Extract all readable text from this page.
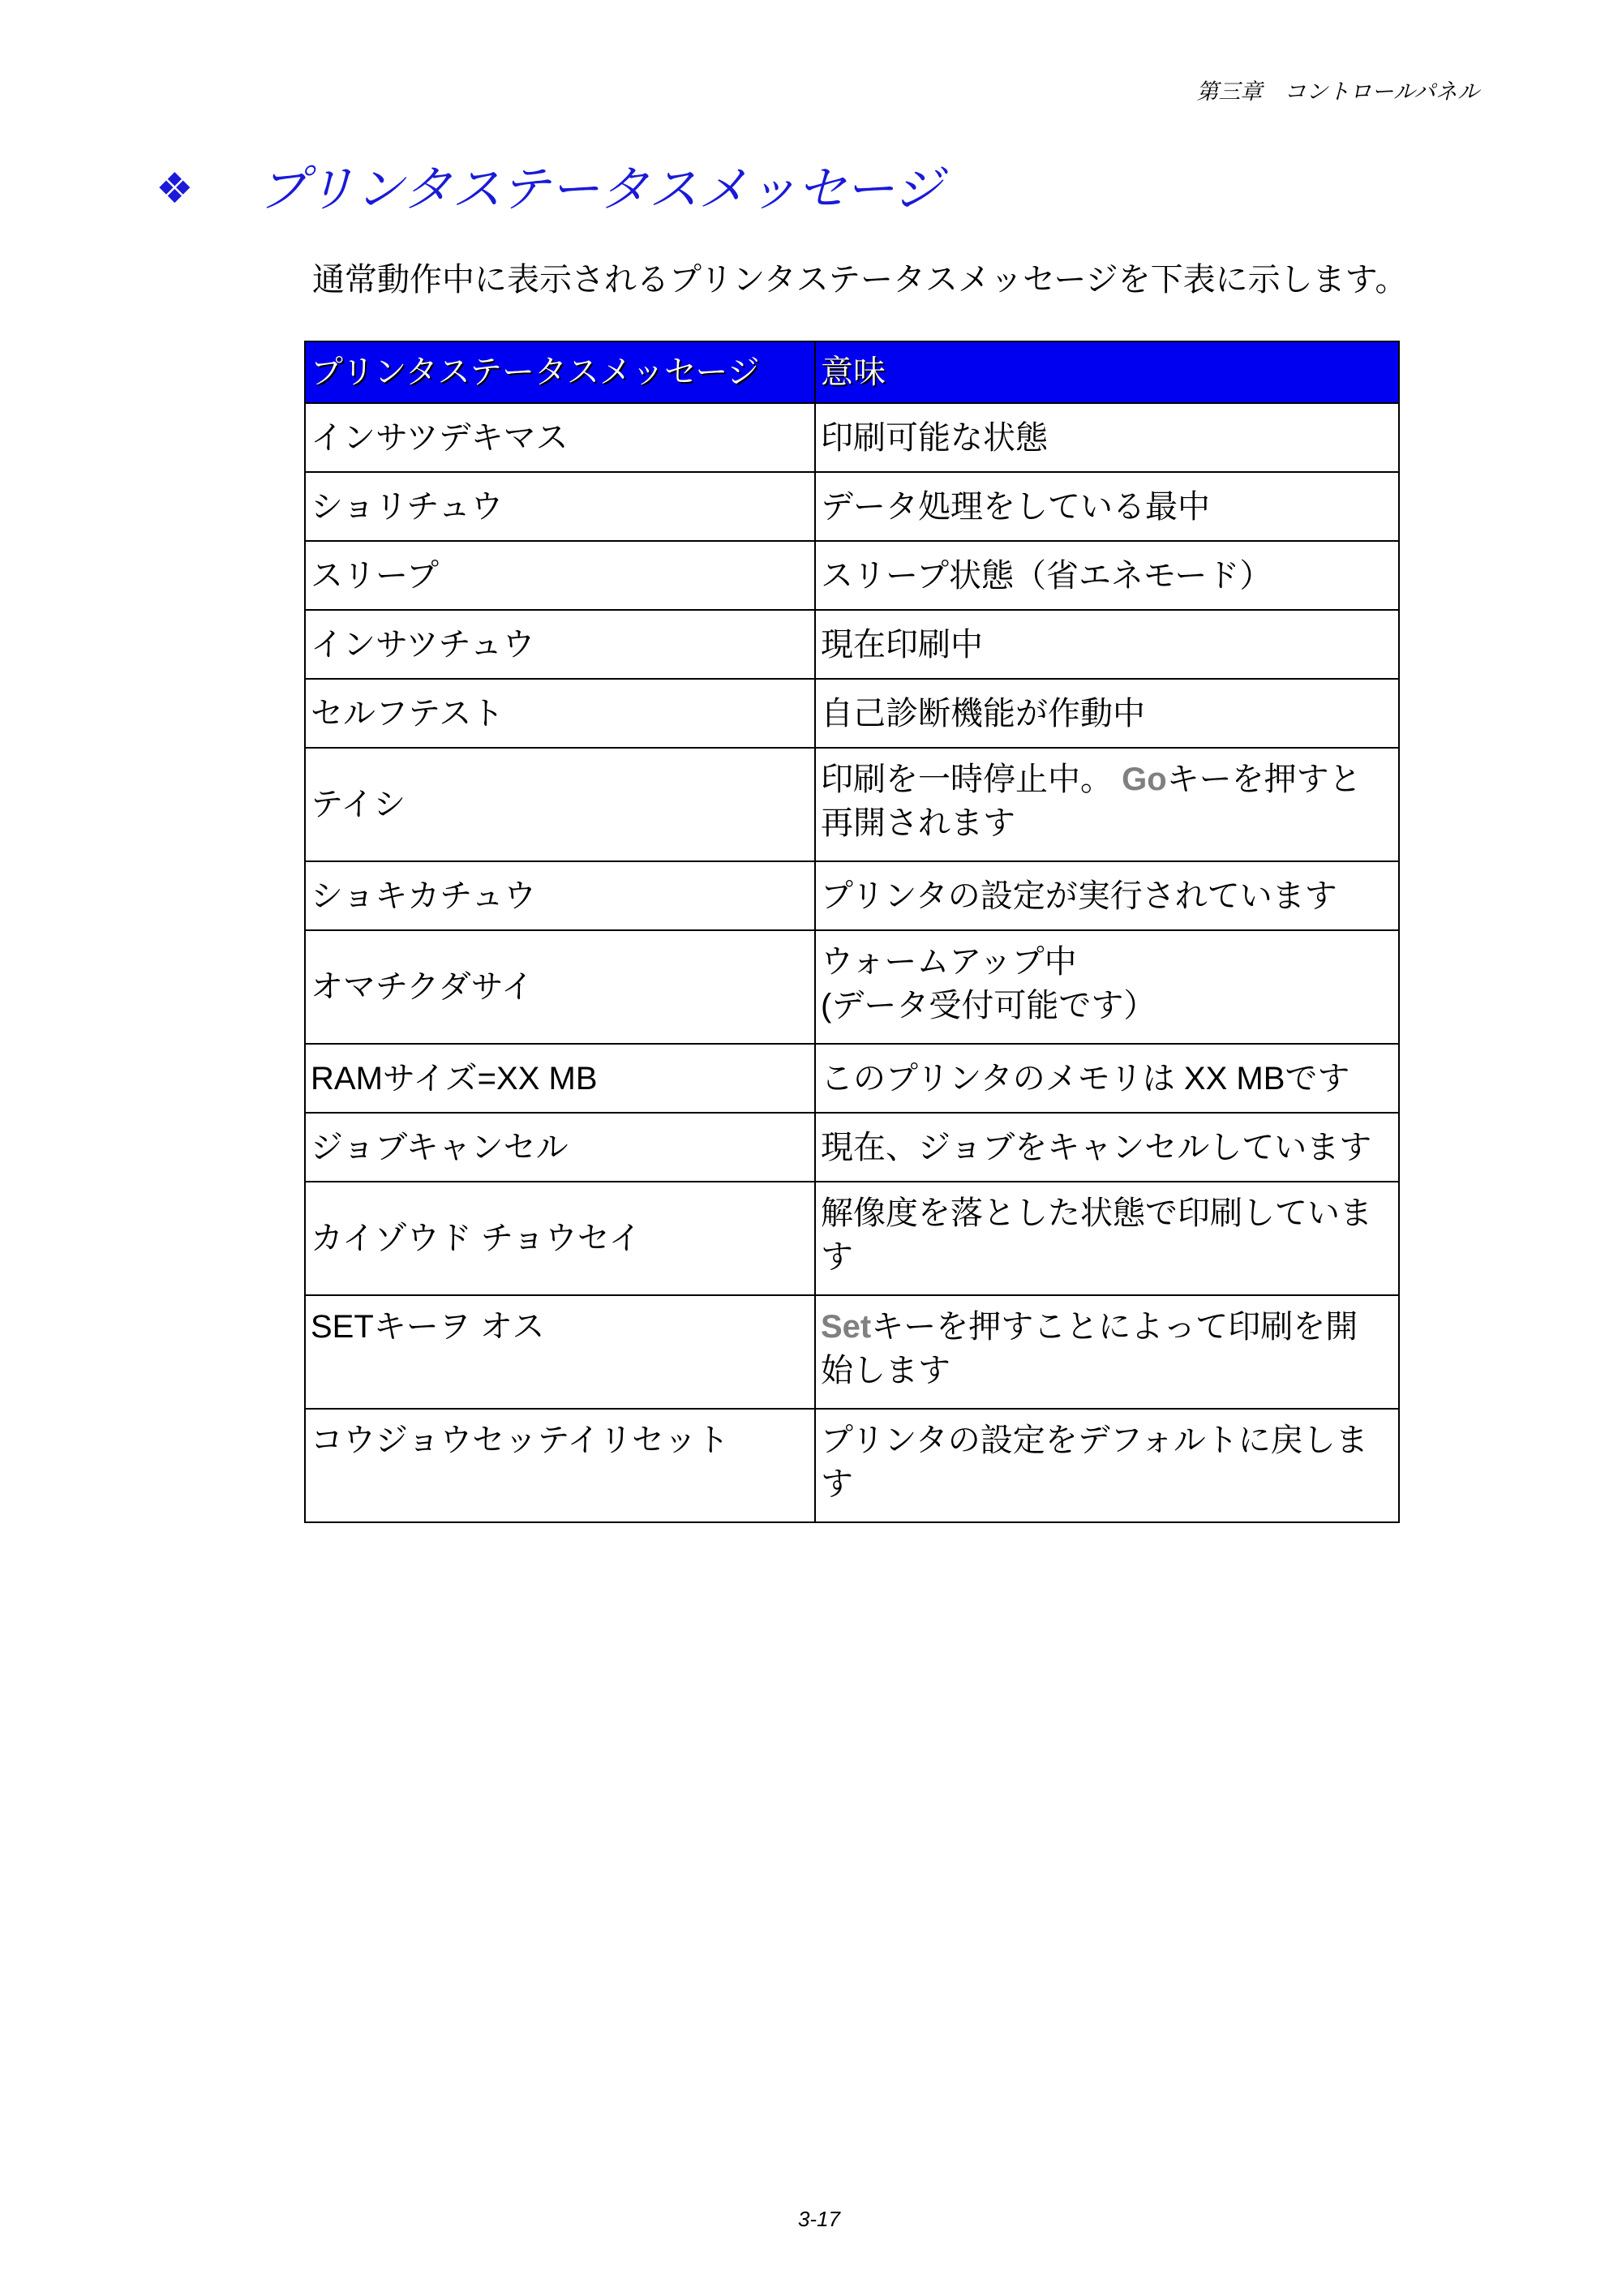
第三章　コントロールパネル
❖
プリンタステータスメッセージ

通常動作中に表示されるプリンタステータスメッセージを下表に示します。

プリンタステータスメッセージ	意味
インサツデキマス	印刷可能な状態
ショリチュウ	データ処理をしている最中
スリープ	スリープ状態（省エネモード）
インサツチュウ	現在印刷中
セルフテスト	自己診断機能が作動中
テイシ	印刷を一時停止中。 Goキーを押すと
再開されます
ショキカチュウ	プリンタの設定が実行されています
オマチクダサイ	ウォームアップ中
(データ受付可能です）
RAMサイズ=XX MB	このプリンタのメモリは XX MBです
ジョブキャンセル	現在、ジョブをキャンセルしています
カイゾウド チョウセイ	解像度を落とした状態で印刷していま
す
SETキーヲ オス	Setキーを押すことによって印刷を開
始します
コウジョウセッテイリセット	プリンタの設定をデフォルトに戻しま
す
3-17
